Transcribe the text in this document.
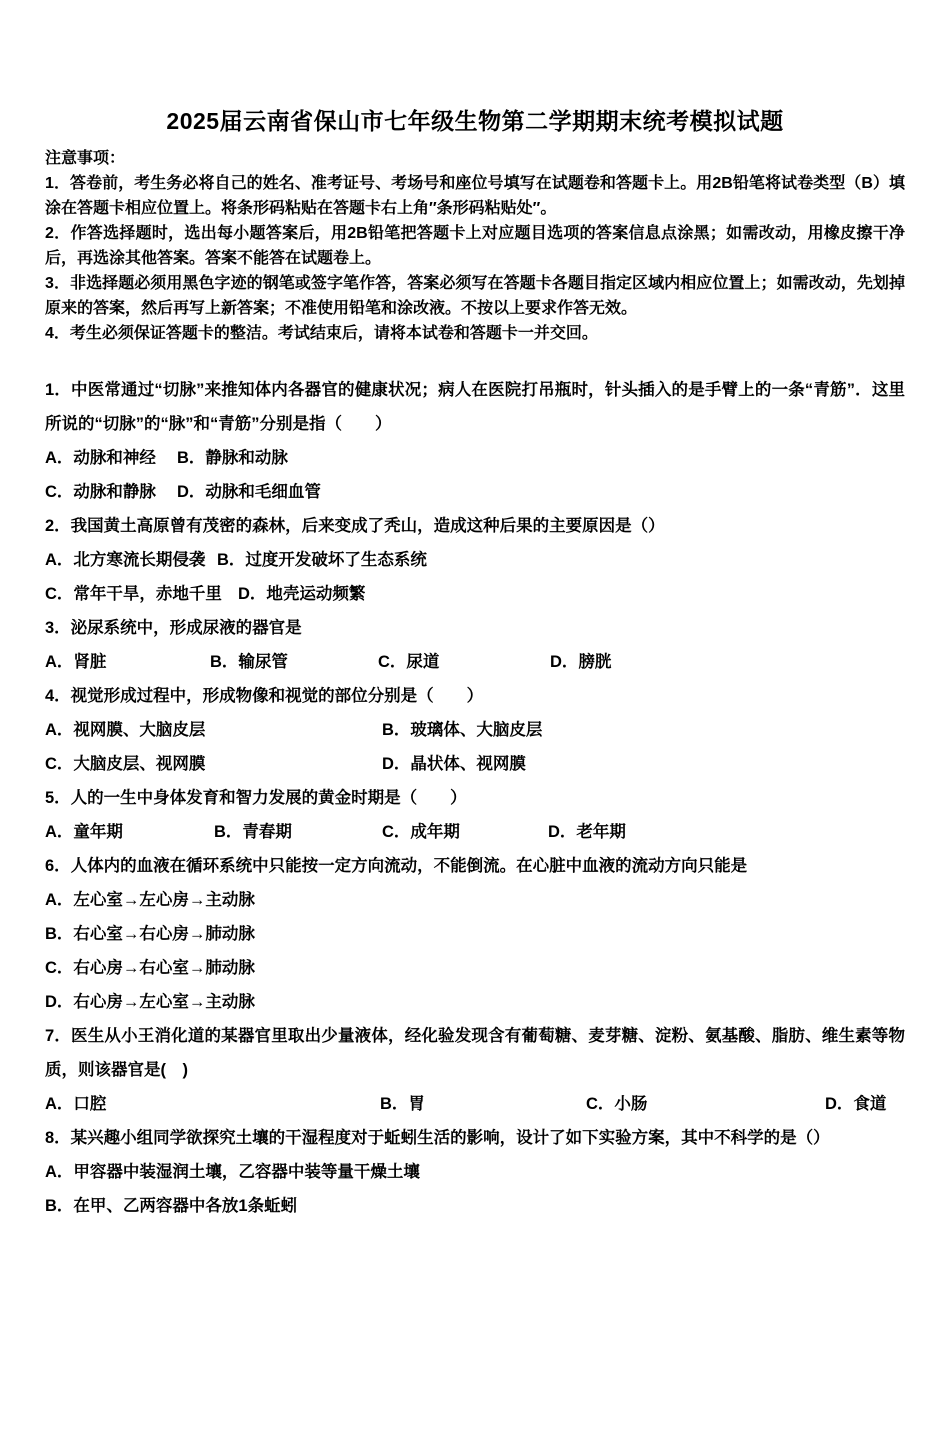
2025届云南省保山市七年级生物第二学期期末统考模拟试题
注意事项：

1．答卷前，考生务必将自己的姓名、准考证号、考场号和座位号填写在试题卷和答题卡上。用2B铅笔将试卷类型（B）填涂在答题卡相应位置上。将条形码粘贴在答题卡右上角″条形码粘贴处″。

2．作答选择题时，选出每小题答案后，用2B铅笔把答题卡上对应题目选项的答案信息点涂黑；如需改动，用橡皮擦干净后，再选涂其他答案。答案不能答在试题卷上。

3．非选择题必须用黑色字迹的钢笔或签字笔作答，答案必须写在答题卡各题目指定区域内相应位置上；如需改动，先划掉原来的答案，然后再写上新答案；不准使用铅笔和涂改液。不按以上要求作答无效。

4．考生必须保证答题卡的整洁。考试结束后，请将本试卷和答题卡一并交回。

1．中医常通过“切脉”来推知体内各器官的健康状况；病人在医院打吊瓶时，针头插入的是手臂上的一条“青筋”．这里所说的“切脉”的“脉”和“青筋”分别是指（　　）

A．动脉和神经	B．静脉和动脉
C．动脉和静脉	D．动脉和毛细血管

2．我国黄土高原曾有茂密的森林，后来变成了秃山，造成这种后果的主要原因是（）

A．北方寒流长期侵袭 B．过度开发破坏了生态系统
C．常年干旱，赤地千里 D．地壳运动频繁

3．泌尿系统中，形成尿液的器官是

A．肾脏	B．输尿管	C．尿道	D．膀胱

4．视觉形成过程中，形成物像和视觉的部位分别是（　　）

A．视网膜、大脑皮层	B．玻璃体、大脑皮层
C．大脑皮层、视网膜	D．晶状体、视网膜

5．人的一生中身体发育和智力发展的黄金时期是（　　）

A．童年期	B．青春期	C．成年期	D．老年期

6．人体内的血液在循环系统中只能按一定方向流动，不能倒流。在心脏中血液的流动方向只能是

A．左心室→左心房→主动脉
B．右心室→右心房→肺动脉
C．右心房→右心室→肺动脉
D．右心房→左心室→主动脉

7．医生从小王消化道的某器官里取出少量液体，经化验发现含有葡萄糖、麦芽糖、淀粉、氨基酸、脂肪、维生素等物质，则该器官是(　)

A．口腔	B．胃	C．小肠	D．食道

8．某兴趣小组同学欲探究土壤的干湿程度对于蚯蚓生活的影响，设计了如下实验方案，其中不科学的是（）

A．甲容器中装湿润土壤，乙容器中装等量干燥土壤
B．在甲、乙两容器中各放1条蚯蚓
